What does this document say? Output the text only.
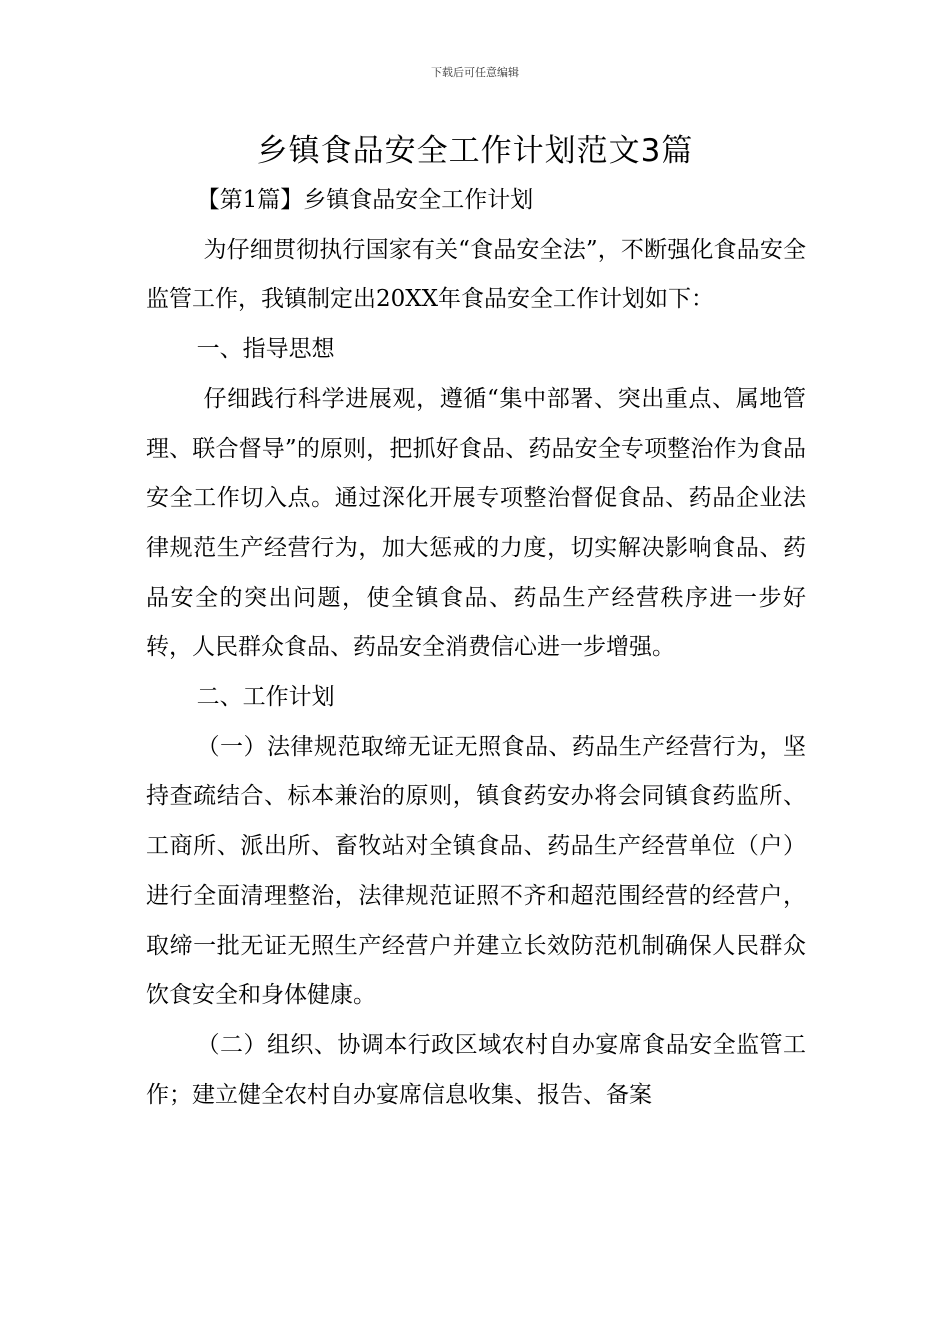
下载后可任意编辑
乡镇食品安全工作计划范文3篇

【第1篇】乡镇食品安全工作计划

为仔细贯彻执行国家有关“食品安全法”，不断强化食品安全监管工作，我镇制定出20XX年食品安全工作计划如下：

一、指导思想

仔细践行科学进展观，遵循“集中部署、突出重点、属地管理、联合督导”的原则，把抓好食品、药品安全专项整治作为食品安全工作切入点。通过深化开展专项整治督促食品、药品企业法律规范生产经营行为，加大惩戒的力度，切实解决影响食品、药品安全的突出问题，使全镇食品、药品生产经营秩序进一步好转，人民群众食品、药品安全消费信心进一步增强。

二、工作计划

（一）法律规范取缔无证无照食品、药品生产经营行为，坚持查疏结合、标本兼治的原则，镇食药安办将会同镇食药监所、工商所、派出所、畜牧站对全镇食品、药品生产经营单位（户）进行全面清理整治，法律规范证照不齐和超范围经营的经营户，取缔一批无证无照生产经营户并建立长效防范机制确保人民群众饮食安全和身体健康。

（二）组织、协调本行政区域农村自办宴席食品安全监管工作；建立健全农村自办宴席信息收集、报告、备案
